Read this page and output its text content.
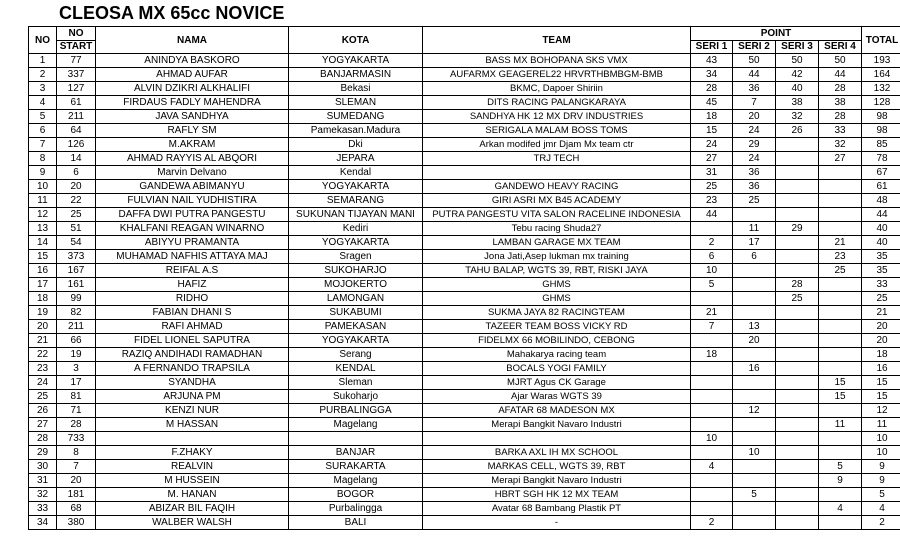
CLEOSA MX 65cc NOVICE
NO	NO	NAMA	KOTA	TEAM	POINT				TOTAL
	START				SERI 1	SERI 2	SERI 3	SERI 4	
1	77	ANINDYA BASKORO	YOGYAKARTA	BASS MX BOHOPANA SKS VMX	43	50	50	50	193
2	337	AHMAD AUFAR	BANJARMASIN	AUFARMX GEAGEREL22 HRVRTHBMBGM-BMB	34	44	42	44	164
3	127	ALVIN DZIKRI ALKHALIFI	Bekasi	BKMC, Dapoer Shiriin	28	36	40	28	132
4	61	FIRDAUS FADLY MAHENDRA	SLEMAN	DITS RACING PALANGKARAYA	45	7	38	38	128
5	211	JAVA SANDHYA	SUMEDANG	SANDHYA HK 12 MX DRV INDUSTRIES	18	20	32	28	98
6	64	RAFLY SM	Pamekasan.Madura	SERIGALA MALAM BOSS TOMS	15	24	26	33	98
7	126	M.AKRAM	Dki	Arkan modifed jmr Djam Mx team ctr	24	29		32	85
8	14	AHMAD RAYYIS AL ABQORI	JEPARA	TRJ TECH	27	24		27	78
9	6	Marvin Delvano	Kendal		31	36			67
10	20	GANDEWA ABIMANYU	YOGYAKARTA	GANDEWO HEAVY RACING	25	36			61
11	22	FULVIAN NAIL YUDHISTIRA	SEMARANG	GIRI ASRI MX B45 ACADEMY	23	25			48
12	25	DAFFA DWI PUTRA PANGESTU	SUKUNAN TIJAYAN MANI	PUTRA PANGESTU VITA SALON RACELINE INDONESIA	44				44
13	51	KHALFANI REAGAN WINARNO	Kediri	Tebu racing Shuda27		11	29		40
14	54	ABIYYU PRAMANTA	YOGYAKARTA	LAMBAN GARAGE MX TEAM	2	17		21	40
15	373	MUHAMAD NAFHIS ATTAYA MAJ	Sragen	Jona Jati,Asep lukman mx training	6	6		23	35
16	167	REIFAL A.S	SUKOHARJO	TAHU BALAP, WGTS 39, RBT, RISKI JAYA	10			25	35
17	161	HAFIZ	MOJOKERTO	GHMS	5		28		33
18	99	RIDHO	LAMONGAN	GHMS			25		25
19	82	FABIAN DHANI S	SUKABUMI	SUKMA JAYA 82 RACINGTEAM	21				21
20	211	RAFI AHMAD	PAMEKASAN	TAZEER TEAM BOSS VICKY RD	7	13			20
21	66	FIDEL LIONEL SAPUTRA	YOGYAKARTA	FIDELMX 66 MOBILINDO, CEBONG		20			20
22	19	RAZIQ ANDIHADI RAMADHAN	Serang	Mahakarya racing team	18				18
23	3	A FERNANDO TRAPSILA	KENDAL	BOCALS YOGI FAMILY		16			16
24	17	SYANDHA	Sleman	MJRT Agus CK Garage				15	15
25	81	ARJUNA PM	Sukoharjo	Ajar Waras WGTS 39				15	15
26	71	KENZI NUR	PURBALINGGA	AFATAR 68 MADESON MX		12			12
27	28	M HASSAN	Magelang	Merapi Bangkit Navaro Industri				11	11
28	733				10				10
29	8	F.ZHAKY	BANJAR	BARKA AXL IH MX SCHOOL		10			10
30	7	REALVIN	SURAKARTA	MARKAS CELL, WGTS 39, RBT	4			5	9
31	20	M HUSSEIN	Magelang	Merapi Bangkit Navaro Industri				9	9
32	181	M. HANAN	BOGOR	HBRT SGH HK 12 MX TEAM		5			5
33	68	ABIZAR BIL FAQIH	Purbalingga	Avatar 68 Bambang Plastik PT				4	4
34	380	WALBER WALSH	BALI	-	2				2
